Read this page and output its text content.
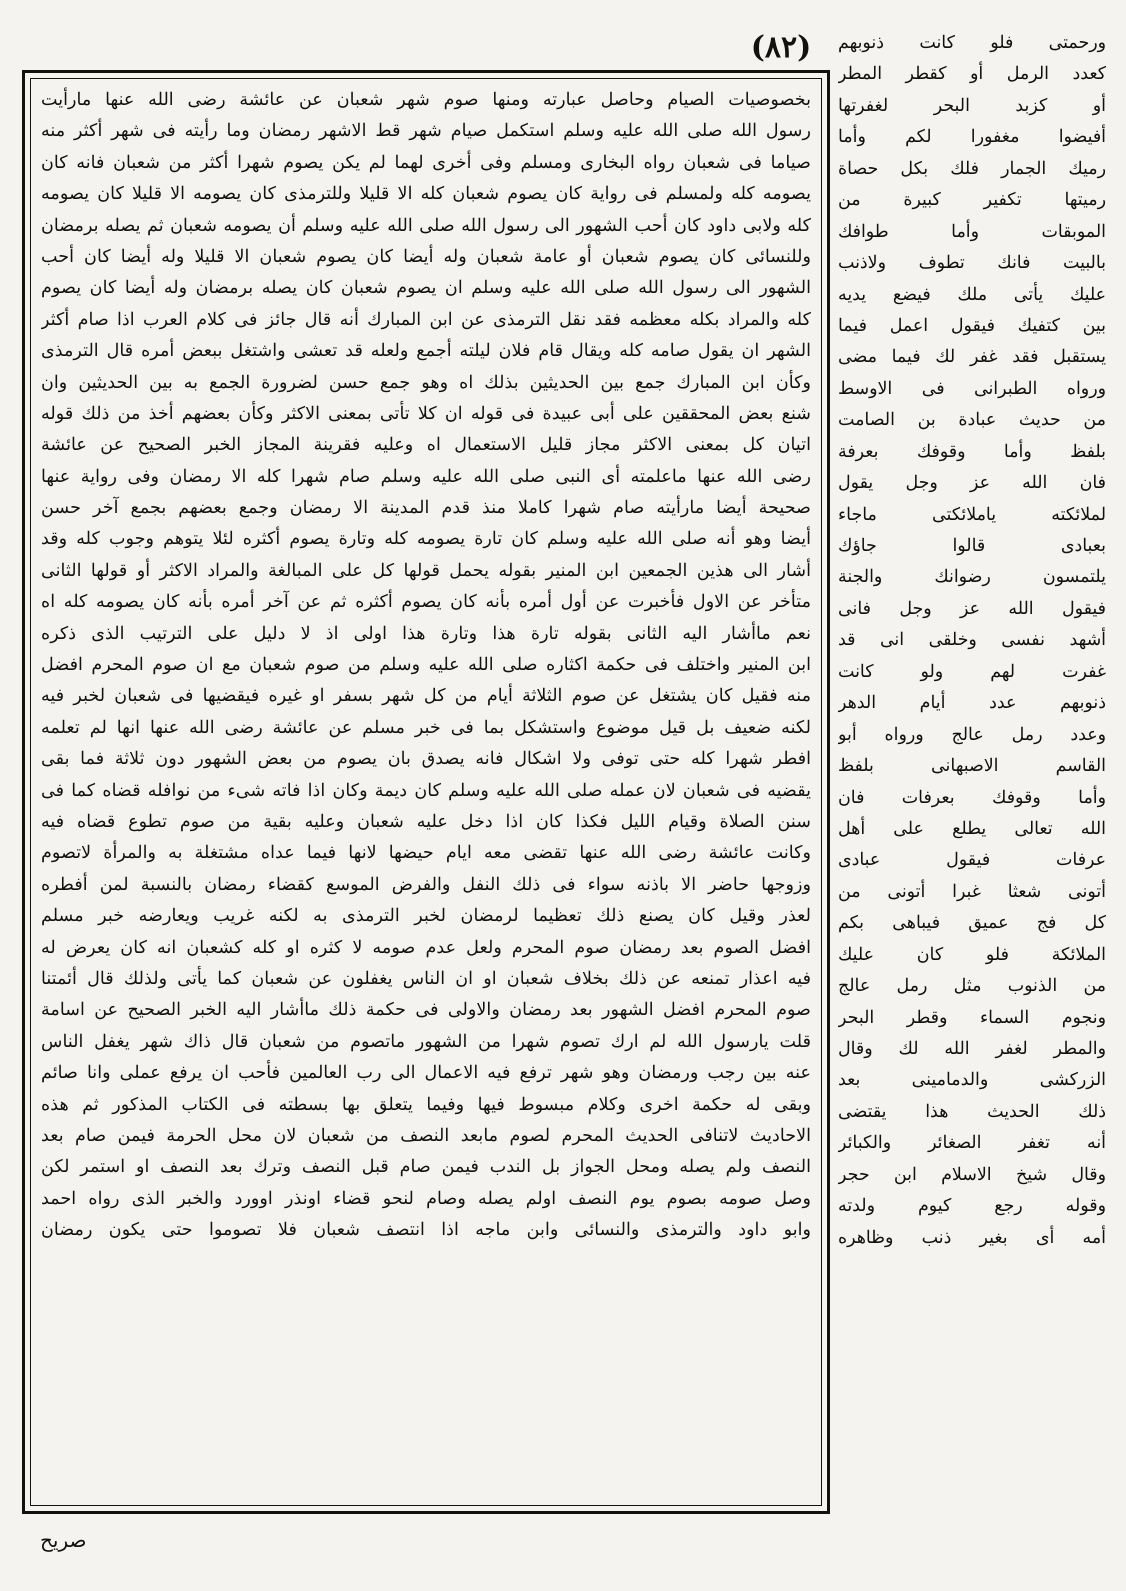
(۸۲)	ورحمتى فلو كانت ذنوبهم
كعدد الرمل أو كقطر المطر
أو كزبد البحر لغفرتها
أفيضوا مغفورا لكم وأما
رميك الجمار فلك بكل حصاة
رميتها تكفير كبيرة من
الموبقات وأما طوافك
بالبيت فانك تطوف ولاذنب
عليك يأتى ملك فيضع يديه
بين كتفيك فيقول اعمل فيما
يستقبل فقد غفر لك فيما مضى
ورواه الطبرانى فى الاوسط
من حديث عبادة بن الصامت
بلفظ وأما وقوفك بعرفة
فان الله عز وجل يقول
لملائكته ياملائكتى ماجاء
بعبادى قالوا جاؤك
يلتمسون رضوانك والجنة
فيقول الله عز وجل فانى
أشهد نفسى وخلقى انى قد
غفرت لهم ولو كانت
ذنوبهم عدد أيام الدهر
وعدد رمل عالج ورواه أبو
القاسم الاصبهانى بلفظ
وأما وقوفك بعرفات فان
الله تعالى يطلع على أهل
عرفات فيقول عبادى
أتونى شعثا غبرا أتونى من
كل فج عميق فيباهى بكم
الملائكة فلو كان عليك
من الذنوب مثل رمل عالج
ونجوم السماء وقطر البحر
والمطر لغفر الله لك وقال
الزركشى والدمامينى بعد
ذلك الحديث هذا يقتضى
أنه تغفر الصغائر والكبائر
وقال شيخ الاسلام ابن حجر
وقوله رجع كيوم ولدته
أمه أى بغير ذنب وظاهره
بخصوصيات الصيام وحاصل عبارته ومنها صوم شهر شعبان عن عائشة رضى الله عنها مارأيت
رسول الله صلى الله عليه وسلم استكمل صيام شهر قط الاشهر رمضان وما رأيته فى شهر أكثر منه
صياما فى شعبان رواه البخارى ومسلم وفى أخرى لهما لم يكن يصوم شهرا أكثر من شعبان فانه كان
يصومه كله ولمسلم فى رواية كان يصوم شعبان كله الا قليلا وللترمذى كان يصومه الا قليلا كان يصومه
كله ولابى داود كان أحب الشهور الى رسول الله صلى الله عليه وسلم أن يصومه شعبان ثم يصله برمضان
وللنسائى كان يصوم شعبان أو عامة شعبان وله أيضا كان يصوم شعبان الا قليلا وله أيضا كان أحب
الشهور الى رسول الله صلى الله عليه وسلم ان يصوم شعبان كان يصله برمضان وله أيضا كان يصوم
كله والمراد بكله معظمه فقد نقل الترمذى عن ابن المبارك أنه قال جائز فى كلام العرب اذا صام أكثر
الشهر ان يقول صامه كله ويقال قام فلان ليلته أجمع ولعله قد تعشى واشتغل ببعض أمره قال الترمذى
وكأن ابن المبارك جمع بين الحديثين بذلك اه وهو جمع حسن لضرورة الجمع به بين الحديثين وان
شنع بعض المحققين على أبى عبيدة فى قوله ان كلا تأتى بمعنى الاكثر وكأن بعضهم أخذ من ذلك قوله
اتيان كل بمعنى الاكثر مجاز قليل الاستعمال اه وعليه فقرينة المجاز الخبر الصحيح عن عائشة
رضى الله عنها ماعلمته أى النبى صلى الله عليه وسلم صام شهرا كله الا رمضان وفى رواية عنها
صحيحة أيضا مارأيته صام شهرا كاملا منذ قدم المدينة الا رمضان وجمع بعضهم بجمع آخر حسن
أيضا وهو أنه صلى الله عليه وسلم كان تارة يصومه كله وتارة يصوم أكثره لئلا يتوهم وجوب كله وقد
أشار الى هذين الجمعين ابن المنير بقوله يحمل قولها كل على المبالغة والمراد الاكثر أو قولها الثانى
متأخر عن الاول فأخبرت عن أول أمره بأنه كان يصوم أكثره ثم عن آخر أمره بأنه كان يصومه كله اه
نعم ماأشار اليه الثانى بقوله تارة هذا وتارة هذا اولى اذ لا دليل على الترتيب الذى ذكره
ابن المنير واختلف فى حكمة اكثاره صلى الله عليه وسلم من صوم شعبان مع ان صوم المحرم افضل
منه فقيل كان يشتغل عن صوم الثلاثة أيام من كل شهر بسفر او غيره فيقضيها فى شعبان لخبر فيه
لكنه ضعيف بل قيل موضوع واستشكل بما فى خبر مسلم عن عائشة رضى الله عنها انها لم تعلمه
افطر شهرا كله حتى توفى ولا اشكال فانه يصدق بان يصوم من بعض الشهور دون ثلاثة فما بقى
يقضيه فى شعبان لان عمله صلى الله عليه وسلم كان ديمة وكان اذا فاته شىء من نوافله قضاه كما فى
سنن الصلاة وقيام الليل فكذا كان اذا دخل عليه شعبان وعليه بقية من صوم تطوع قضاه فيه
وكانت عائشة رضى الله عنها تقضى معه ايام حيضها لانها فيما عداه مشتغلة به والمرأة لاتصوم
وزوجها حاضر الا باذنه سواء فى ذلك النفل والفرض الموسع كقضاء رمضان بالنسبة لمن أفطره
لعذر وقيل كان يصنع ذلك تعظيما لرمضان لخبر الترمذى به لكنه غريب ويعارضه خبر مسلم
افضل الصوم بعد رمضان صوم المحرم ولعل عدم صومه لا كثره او كله كشعبان انه كان يعرض له
فيه اعذار تمنعه عن ذلك بخلاف شعبان او ان الناس يغفلون عن شعبان كما يأتى ولذلك قال أئمتنا
صوم المحرم افضل الشهور بعد رمضان والاولى فى حكمة ذلك ماأشار اليه الخبر الصحيح عن اسامة
قلت يارسول الله لم ارك تصوم شهرا من الشهور ماتصوم من شعبان قال ذاك شهر يغفل الناس
عنه بين رجب ورمضان وهو شهر ترفع فيه الاعمال الى رب العالمين فأحب ان يرفع عملى وانا صائم
وبقى له حكمة اخرى وكلام مبسوط فيها وفيما يتعلق بها بسطته فى الكتاب المذكور ثم هذه
الاحاديث لاتنافى الحديث المحرم لصوم مابعد النصف من شعبان لان محل الحرمة فيمن صام بعد
النصف ولم يصله ومحل الجواز بل الندب فيمن صام قبل النصف وترك بعد النصف او استمر لكن
وصل صومه بصوم يوم النصف اولم يصله وصام لنحو قضاء اونذر اوورد والخبر الذى رواه احمد
وابو داود والترمذى والنسائى وابن ماجه اذا انتصف شعبان فلا تصوموا حتى يكون رمضان
صريح
